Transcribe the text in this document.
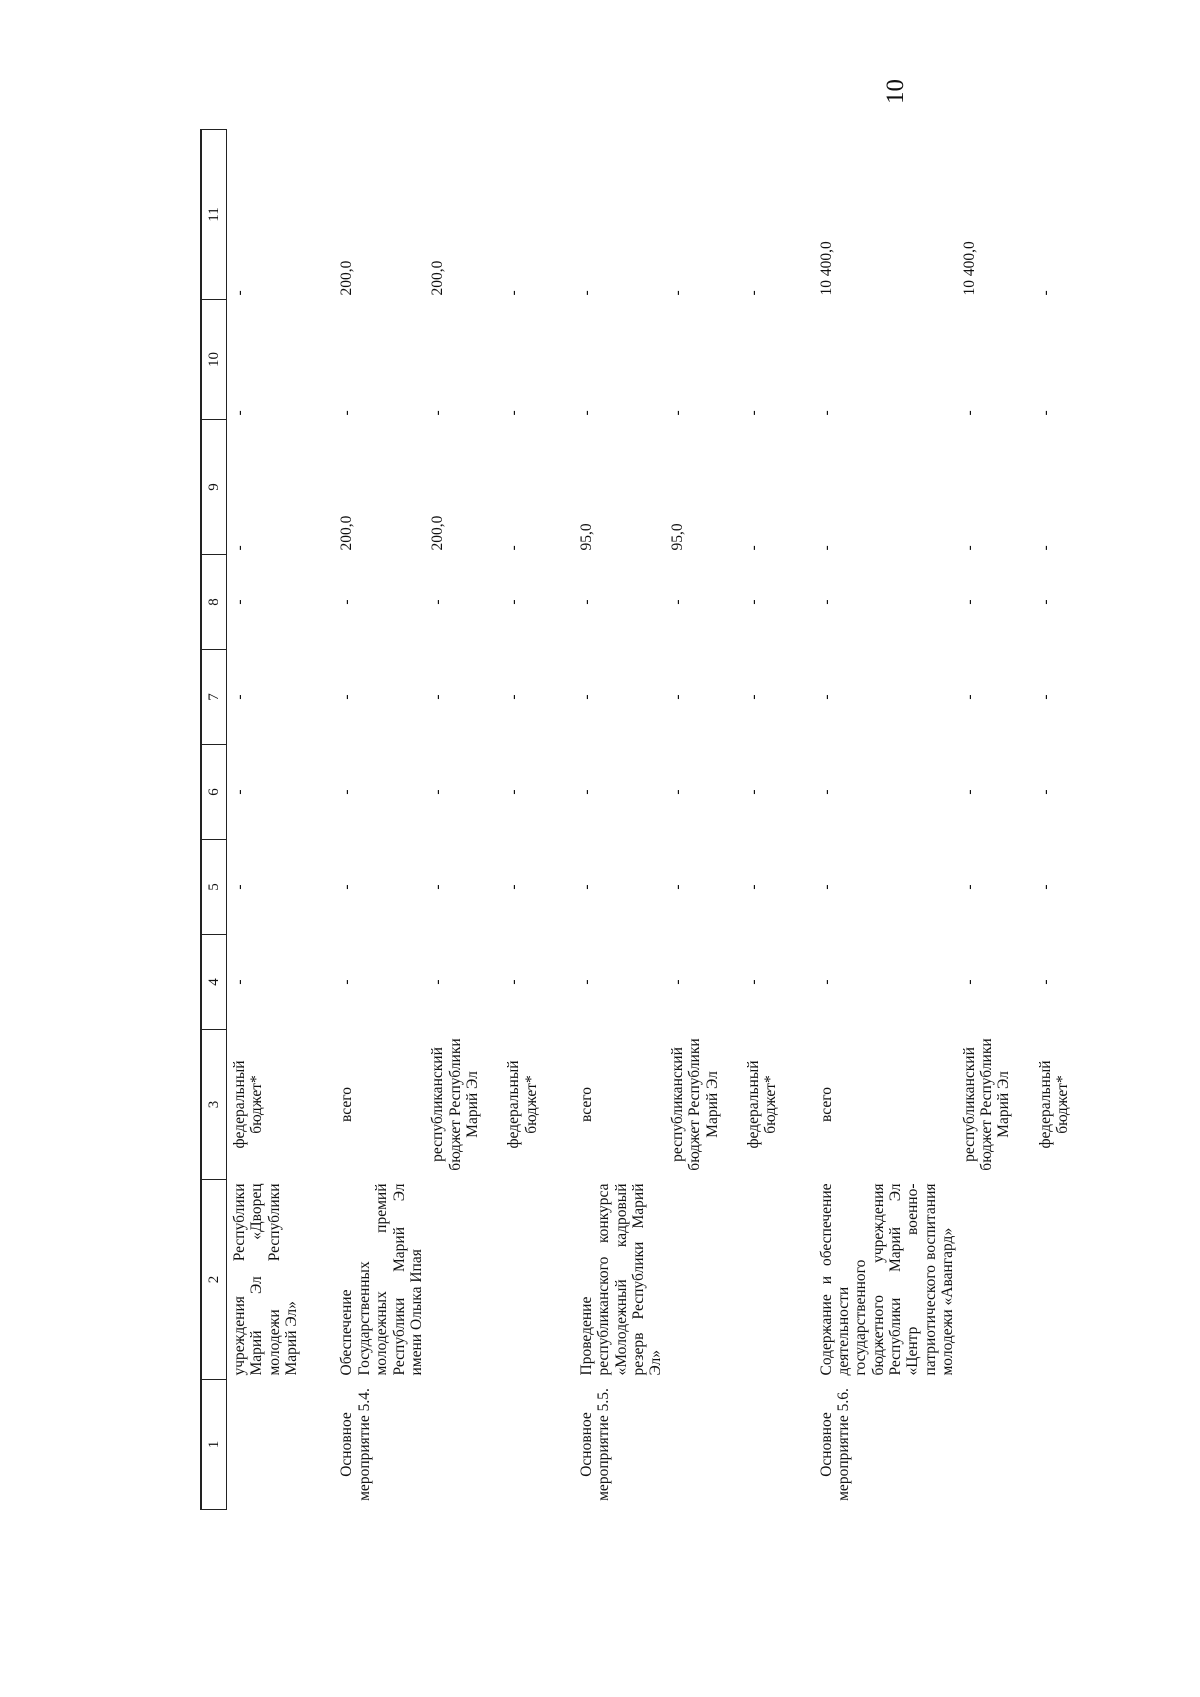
10
1	2	3	4	5	6	7	8	9	10	11
	учреждения Республики Марий Эл «Дворец молодежи Республики Марий Эл»	федеральный бюджет*	-	-	-	-	-	-	-	-

Основное мероприятие 5.4.	Обеспечение Государственных молодежных премий Республики Марий Эл имени Олыка Ипая	всего	-	-	-	-	-	200,0	-	200,0
		республиканский бюджет Республики Марий Эл	-	-	-	-	-	200,0	-	200,0

		федеральный бюджет*	-	-	-	-	-	-	-	-

Основное мероприятие 5.5.	Проведение республиканского конкурса «Молодежный кадровый резерв Республики Марий Эл»	всего	-	-	-	-	-	95,0	-	-
		республиканский бюджет Республики Марий Эл	-	-	-	-	-	95,0	-	-

		федеральный бюджет*	-	-	-	-	-	-	-	-

Основное мероприятие 5.6.	Содержание и обеспечение деятельности государственного бюджетного учреждения Республики Марий Эл «Центр военно-патриотического воспитания молодежи «Авангард»	всего	-	-	-	-	-	-	-	10 400,0
		республиканский бюджет Республики Марий Эл	-	-	-	-	-	-	-	10 400,0

		федеральный бюджет*	-	-	-	-	-	-	-	-
